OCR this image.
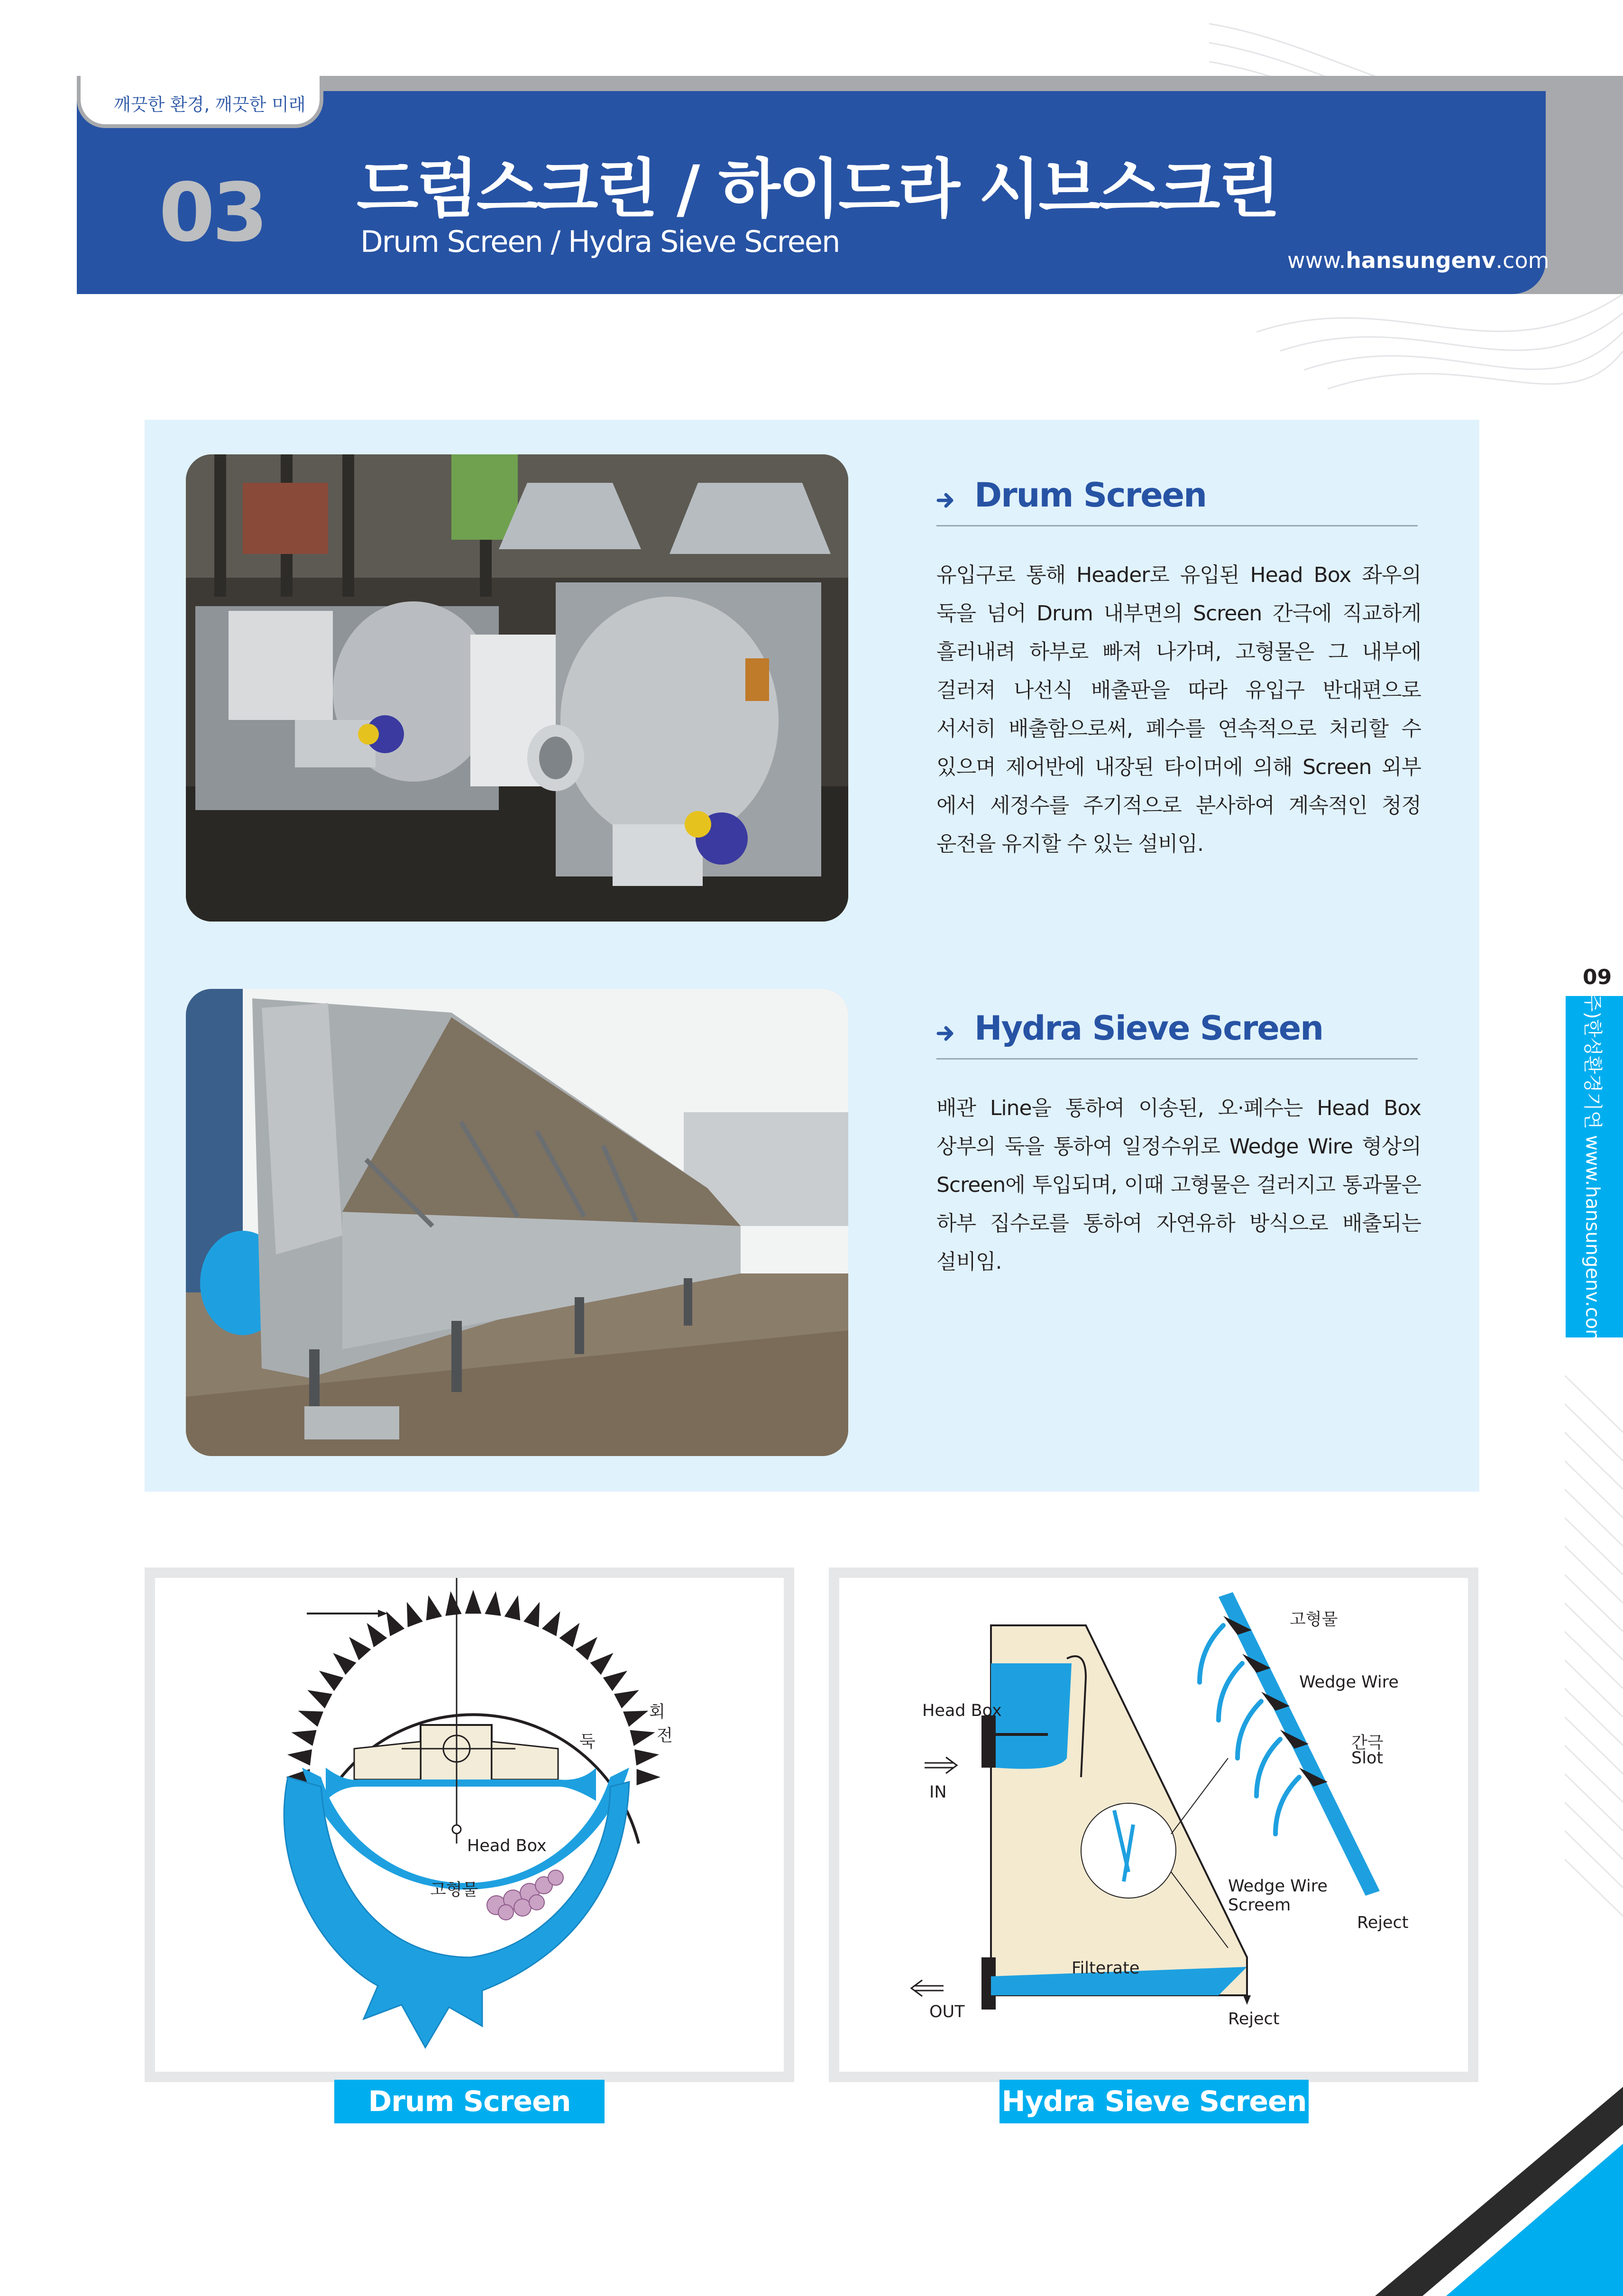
깨끗한 환경, 깨끗한 미래
03 드럼스크린 / 하이드라 시브스크린
Drum Screen / Hydra Sieve Screen
www.hansungenv.com
09
(주)한성환경기연 www.hansungenv.com
Drum Screen
유입구로 통해 Header로 유입된 Head Box 좌우의
둑을 넘어 Drum 내부면의 Screen 간극에 직교하게
흘러내려 하부로 빠져 나가며, 고형물은 그 내부에
걸러져 나선식 배출판을 따라 유입구 반대편으로
서서히 배출함으로써, 폐수를 연속적으로 처리할 수
있으며 제어반에 내장된 타이머에 의해 Screen 외부
에서 세정수를 주기적으로 분사하여 계속적인 청정
운전을 유지할 수 있는 설비임.
Hydra Sieve Screen
배관 Line을 통하여 이송된, 오·폐수는 Head Box
상부의 둑을 통하여 일정수위로 Wedge Wire 형상의
Screen에 투입되며, 이때 고형물은 걸러지고 통과물은
하부 집수로를 통하여 자연유하 방식으로 배출되는
설비임.
둑
회
전
Head Box
고형물
Drum Screen
고형물
Wedge Wire
간극
Slot
Head Box
IN
Wedge Wire
Screem
Reject
Filterate
OUT	Reject
Hydra Sieve Screen
